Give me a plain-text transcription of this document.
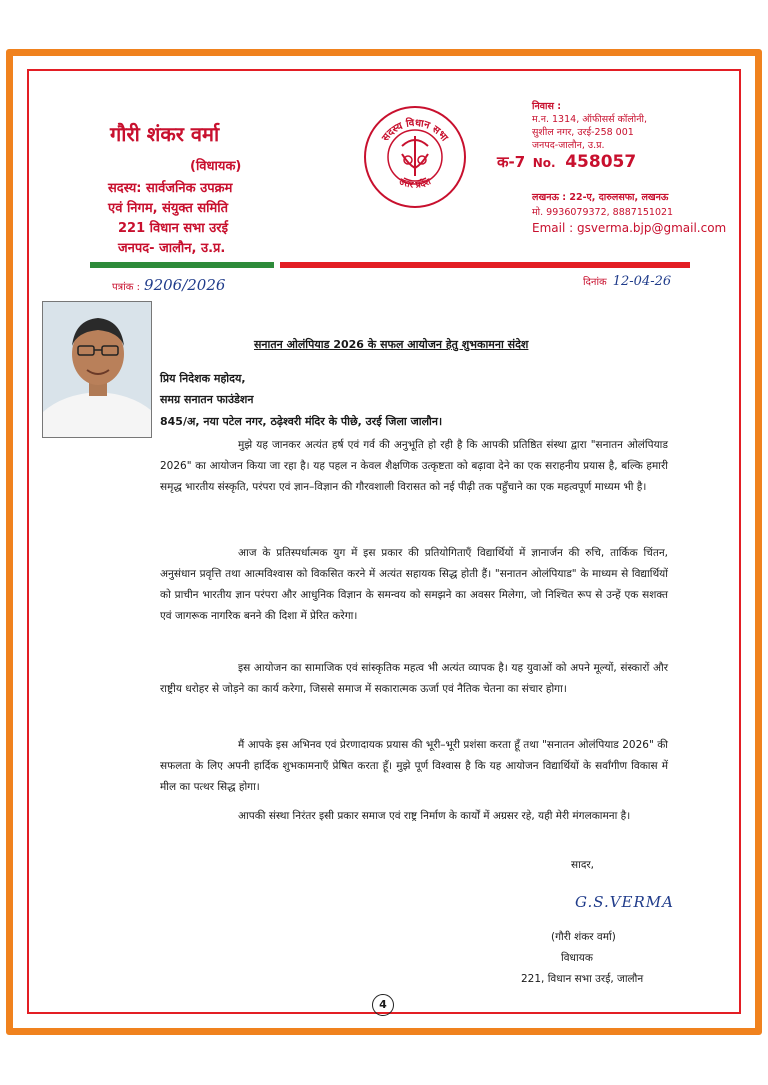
गौरी शंकर वर्मा
(विधायक)
सदस्य: सार्वजनिक उपक्रम
एवं निगम, संयुक्त समिति
221 विधान सभा उरई
जनपद- जालौन, उ.प्र.
सदस्य विधान सभा
उत्तर प्रदेश
निवास :
म.न. 1314, ऑफीसर्स कॉलोनी,
सुशील नगर, उरई-258 001
जनपद-जालौन, उ.प्र.
क-7 No. 458057
लखनऊ : 22-ए, दारुलसफा, लखनऊ
मो. 9936079372, 8887151021
Email : gsverma.bjp@gmail.com
पत्रांक : 9206/2026	दिनांक 12-04-26
सनातन ओलंपियाड 2026 के सफल आयोजन हेतु शुभकामना संदेश
प्रिय निदेशक महोदय,
समग्र सनातन फाउंडेशन
845/अ, नया पटेल नगर, ठढ़ेश्वरी मंदिर के पीछे, उरई जिला जालौन।

मुझे यह जानकर अत्यंत हर्ष एवं गर्व की अनुभूति हो रही है कि आपकी प्रतिष्ठित संस्था द्वारा "सनातन ओलंपियाड 2026" का आयोजन किया जा रहा है। यह पहल न केवल शैक्षणिक उत्कृष्टता को बढ़ावा देने का एक सराहनीय प्रयास है, बल्कि हमारी समृद्ध भारतीय संस्कृति, परंपरा एवं ज्ञान–विज्ञान की गौरवशाली विरासत को नई पीढ़ी तक पहुँचाने का एक महत्वपूर्ण माध्यम भी है।

आज के प्रतिस्पर्धात्मक युग में इस प्रकार की प्रतियोगिताएँ विद्यार्थियों में ज्ञानार्जन की रुचि, तार्किक चिंतन, अनुसंधान प्रवृत्ति तथा आत्मविश्वास को विकसित करने में अत्यंत सहायक सिद्ध होती हैं। "सनातन ओलंपियाड" के माध्यम से विद्यार्थियों को प्राचीन भारतीय ज्ञान परंपरा और आधुनिक विज्ञान के समन्वय को समझने का अवसर मिलेगा, जो निश्चित रूप से उन्हें एक सशक्त एवं जागरूक नागरिक बनने की दिशा में प्रेरित करेगा।

इस आयोजन का सामाजिक एवं सांस्कृतिक महत्व भी अत्यंत व्यापक है। यह युवाओं को अपने मूल्यों, संस्कारों और राष्ट्रीय धरोहर से जोड़ने का कार्य करेगा, जिससे समाज में सकारात्मक ऊर्जा एवं नैतिक चेतना का संचार होगा।

मैं आपके इस अभिनव एवं प्रेरणादायक प्रयास की भूरी–भूरी प्रशंसा करता हूँ तथा "सनातन ओलंपियाड 2026" की सफलता के लिए अपनी हार्दिक शुभकामनाएँ प्रेषित करता हूँ। मुझे पूर्ण विश्वास है कि यह आयोजन विद्यार्थियों के सर्वांगीण विकास में मील का पत्थर सिद्ध होगा।

आपकी संस्था निरंतर इसी प्रकार समाज एवं राष्ट्र निर्माण के कार्यों में अग्रसर रहे, यही मेरी मंगलकामना है।

सादर,
G.S.VERMA
(गौरी शंकर वर्मा)
विधायक
221, विधान सभा उरई, जालौन
4
